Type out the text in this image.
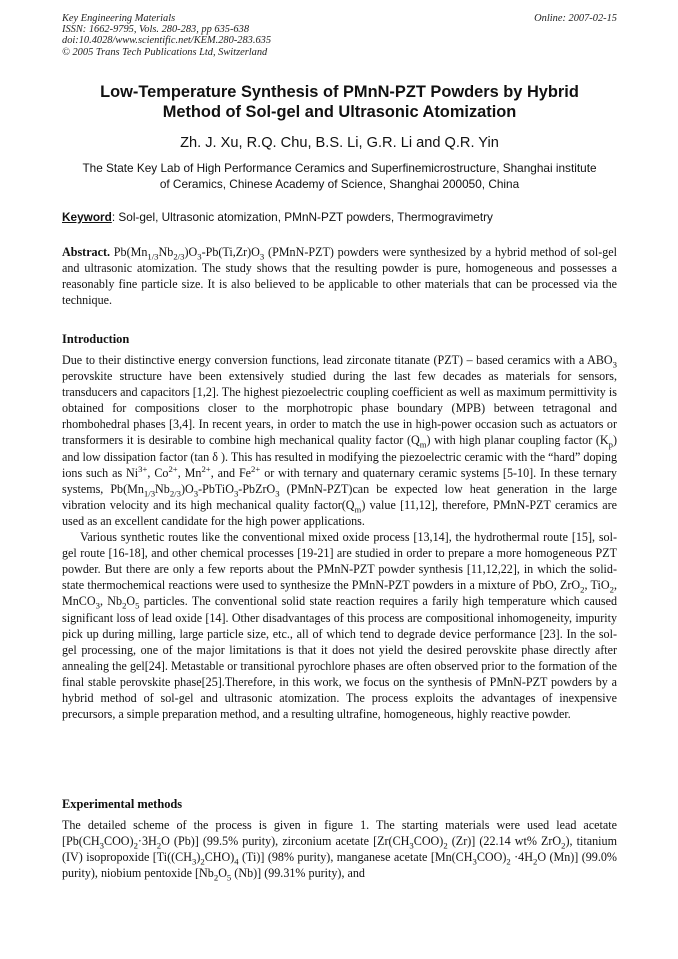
Key Engineering Materials
ISSN: 1662-9795, Vols. 280-283, pp 635-638
doi:10.4028/www.scientific.net/KEM.280-283.635
© 2005 Trans Tech Publications Ltd, Switzerland
Online: 2007-02-15
Low-Temperature Synthesis of PMnN-PZT Powders by Hybrid
Method of Sol-gel and Ultrasonic Atomization
Zh. J. Xu, R.Q. Chu, B.S. Li, G.R. Li and Q.R. Yin
The State Key Lab of High Performance Ceramics and Superfinemicrostructure, Shanghai institute
of Ceramics, Chinese Academy of Science, Shanghai 200050, China
Keyword: Sol-gel, Ultrasonic atomization, PMnN-PZT powders, Thermogravimetry
Abstract. $Pb(Mn_{1/3}Nb_{2/3})O_3-Pb(Ti,Zr)O_3$ (PMnN-PZT) powders were synthesized by a hybrid method of sol-gel and ultrasonic atomization. The study shows that the resulting powder is pure, homogeneous and possesses a reasonably fine particle size. It is also believed to be applicable to other materials that can be processed via the technique.
Introduction

Due to their distinctive energy conversion functions, lead zirconate titanate (PZT) – based ceramics with a $ABO_3$ perovskite structure have been extensively studied during the last few decades as materials for sensors, transducers and capacitors [1,2]. The highest piezoelectric coupling coefficient as well as maximum permittivity is obtained for compositions closer to the morphotropic phase boundary (MPB) between tetragonal and rhombohedral phases [3,4]. In recent years, in order to match the use in high-power occasion such as actuators or transformers it is desirable to combine high mechanical quality factor $(Q_m)$ with high planar coupling factor $(K_p)$ and low dissipation factor (tan δ ). This has resulted in modifying the piezoelectric ceramic with the “hard” doping ions such as $Ni^{3+}$, $Co^{2+}$, $Mn^{2+}$, and $Fe^{2+}$ or with ternary and quaternary ceramic systems [5-10]. In these ternary systems, $Pb(Mn_{1/3}Nb_{2/3})O_3-PbTiO_3-PbZrO_3$ (PMnN-PZT)can be expected low heat generation in the large vibration velocity and its high mechanical quality $factor(Q_m)$ value [11,12], therefore, PMnN-PZT ceramics are used as an excellent candidate for the high power applications.

Various synthetic routes like the conventional mixed oxide process [13,14], the hydrothermal route [15], sol-gel route [16-18], and other chemical processes [19-21] are studied in order to prepare a more homogeneous PZT powder. But there are only a few reports about the PMnN-PZT powder synthesis [11,12,22], in which the solid-state thermochemical reactions were used to synthesize the PMnN-PZT powders in a mixture of PbO, ZrO$_2$, TiO$_2$, MnCO$_3$, $Nb_2O_5$ particles. The conventional solid state reaction requires a farily high temperature which caused significant loss of lead oxide [14]. Other disadvantages of this process are compositional inhomogeneity, impurity pick up during milling, large particle size, etc., all of which tend to degrade device performance [23]. In the sol-gel processing, one of the major limitations is that it does not yield the desired perovskite phase directly after annealing the gel[24]. Metastable or transitional pyrochlore phases are often observed prior to the formation of the final stable perovskite phase[25].Therefore, in this work, we focus on the synthesis of PMnN-PZT powders by a hybrid method of sol-gel and ultrasonic atomization. The process exploits the advantages of inexpensive precursors, a simple preparation method, and a resulting ultrafine, homogeneous, highly reactive powder.

Experimental methods
The detailed scheme of the process is given in figure 1. The starting materials were used lead acetate [$Pb(CH_3COO)_2\cdot 3H_2O$ (Pb)] (99.5% purity), zirconium acetate [$Zr(CH_3COO)_2$ (Zr)] (22.14 wt% ZrO$_2$), titanium (IV) isopropoxide [$Ti((CH_3)_2CHO)_4$ (Ti)] (98% purity), manganese acetate [$Mn(CH_3COO)_2 \cdot 4H_2O$ (Mn)] (99.0% purity), niobium pentoxide [$Nb_2O_5$ (Nb)] (99.31% purity), and
